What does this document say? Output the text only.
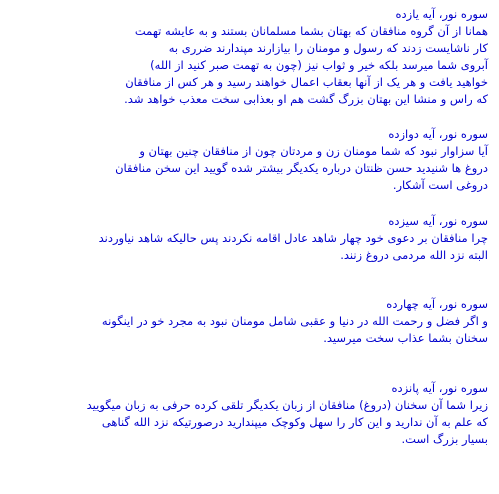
سوره نور، آیه یازده
همانا از آن گروه منافقان که بهتان بشما مسلمانان بستند و به عایشه تهمت
کار ناشایست زدند که رسول و مومنان را بیازارند مپندارند ضرری به
آبروی شما میرسد بلکه خیر و ثواب نیز (چون به تهمت صبر کنید از الله)
خواهید یافت و هر یک از آنها بعقاب اعمال خواهند رسید و هر کس از منافقان
که راس و منشا این بهتان بزرگ گشت هم او بعذابی سخت معذب خواهد شد.
سوره نور، آیه دوازده
آیا سزاوار نبود که شما مومنان زن و مردتان چون از منافقان چنین بهتان و
دروغ ها شنیدید حسن ظنتان درباره یکدیگر بیشتر شده گویید این سخن منافقان
دروغی است آشکار.
سوره نور، آیه سیزده
چرا منافقان بر دعوی خود چهار شاهد عادل اقامه نکردند پس حالیکه شاهد نیاوردند
البته نزد الله مردمی دروغ زنند.
سوره نور، آیه چهارده
و اگر فضل و رحمت الله در دنیا و عقبی شامل مومنان نبود به مجرد خو در اینگونه
سخنان بشما عذاب سخت میرسید.
سوره نور، آیه پانزده
زیرا شما آن سخنان (دروغ) منافقان از زبان یکدیگر تلقی کرده حرفی به زبان میگویید
که علم به آن ندارید و این کار را سهل وکوچک میپندارید درصورتیکه نزد الله گناهی
بسیار بزرگ است.
